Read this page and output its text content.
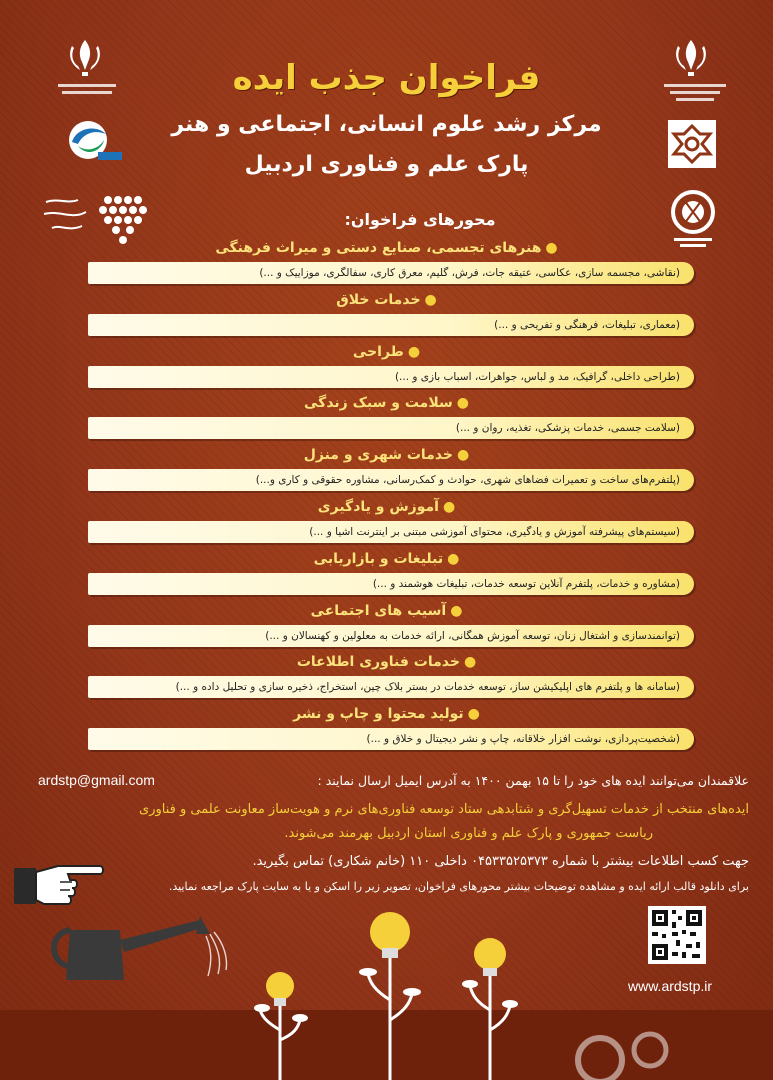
فراخوان جذب ایده
مرکز رشد علوم انسانی، اجتماعی و هنر
پارک علم و فناوری اردبیل
محورهای فراخوان:
●هنرهای تجسمی، صنایع دستی و میراث فرهنگی
(نقاشی، مجسمه سازی، عکاسی، عتیقه جات، فرش، گلیم، معرق کاری، سفالگری، موزاییک و ...)
●خدمات خلاق
(معماری، تبلیغات، فرهنگی و تفریحی و ...)
●طراحی
(طراحی داخلی، گرافیک، مد و لباس، جواهرات، اسباب بازی و ...)
●سلامت و سبک زندگی
(سلامت جسمی، خدمات پزشکی، تغذیه، روان و ...)
●خدمات شهری و منزل
(پلتفرم‌های ساخت و تعمیرات فضاهای شهری، حوادث و کمک‌رسانی، مشاوره حقوقی و کاری و...)
●آموزش و یادگیری
(سیستم‌های پیشرفته آموزش و یادگیری، محتوای آموزشی مبتنی بر اینترنت اشیا و ...)
●تبلیغات و بازاریابی
(مشاوره و خدمات، پلتفرم آنلاین توسعه خدمات، تبلیغات هوشمند و ...)
●آسیب های اجتماعی
(توانمندسازی و اشتغال زنان، توسعه آموزش همگانی، ارائه خدمات به معلولین و کهنسالان و ...)
●خدمات فناوری اطلاعات
(سامانه ها و پلتفرم های اپلیکیشن ساز، توسعه خدمات در بستر بلاک چین، استخراج، ذخیره سازی و تحلیل داده و ...)
●تولید محتوا و چاپ و نشر
(شخصیت‌پردازی، نوشت افزار خلاقانه، چاپ و نشر دیجیتال و خلاق و ...)
علاقمندان می‌توانند ایده های خود را تا ۱۵ بهمن ۱۴۰۰ به آدرس ایمیل ارسال نمایند :
ardstp@gmail.com
ایده‌های منتخب از خدمات تسهیل‌گری و شتابدهی ستاد توسعه فناوری‌های نرم و هویت‌ساز معاونت علمی و فناوری
ریاست جمهوری و پارک علم و فناوری استان اردبیل بهرمند می‌شوند.
جهت کسب اطلاعات بیشتر با شماره ۰۴۵۳۳۵۲۵۳۷۳ داخلی ۱۱۰ (خانم شکاری) تماس بگیرید.
برای دانلود قالب ارائه ایده و مشاهده توضیحات بیشتر محورهای فراخوان، تصویر زیر را اسکن و یا به سایت پارک مراجعه نمایید.
www.ardstp.ir
